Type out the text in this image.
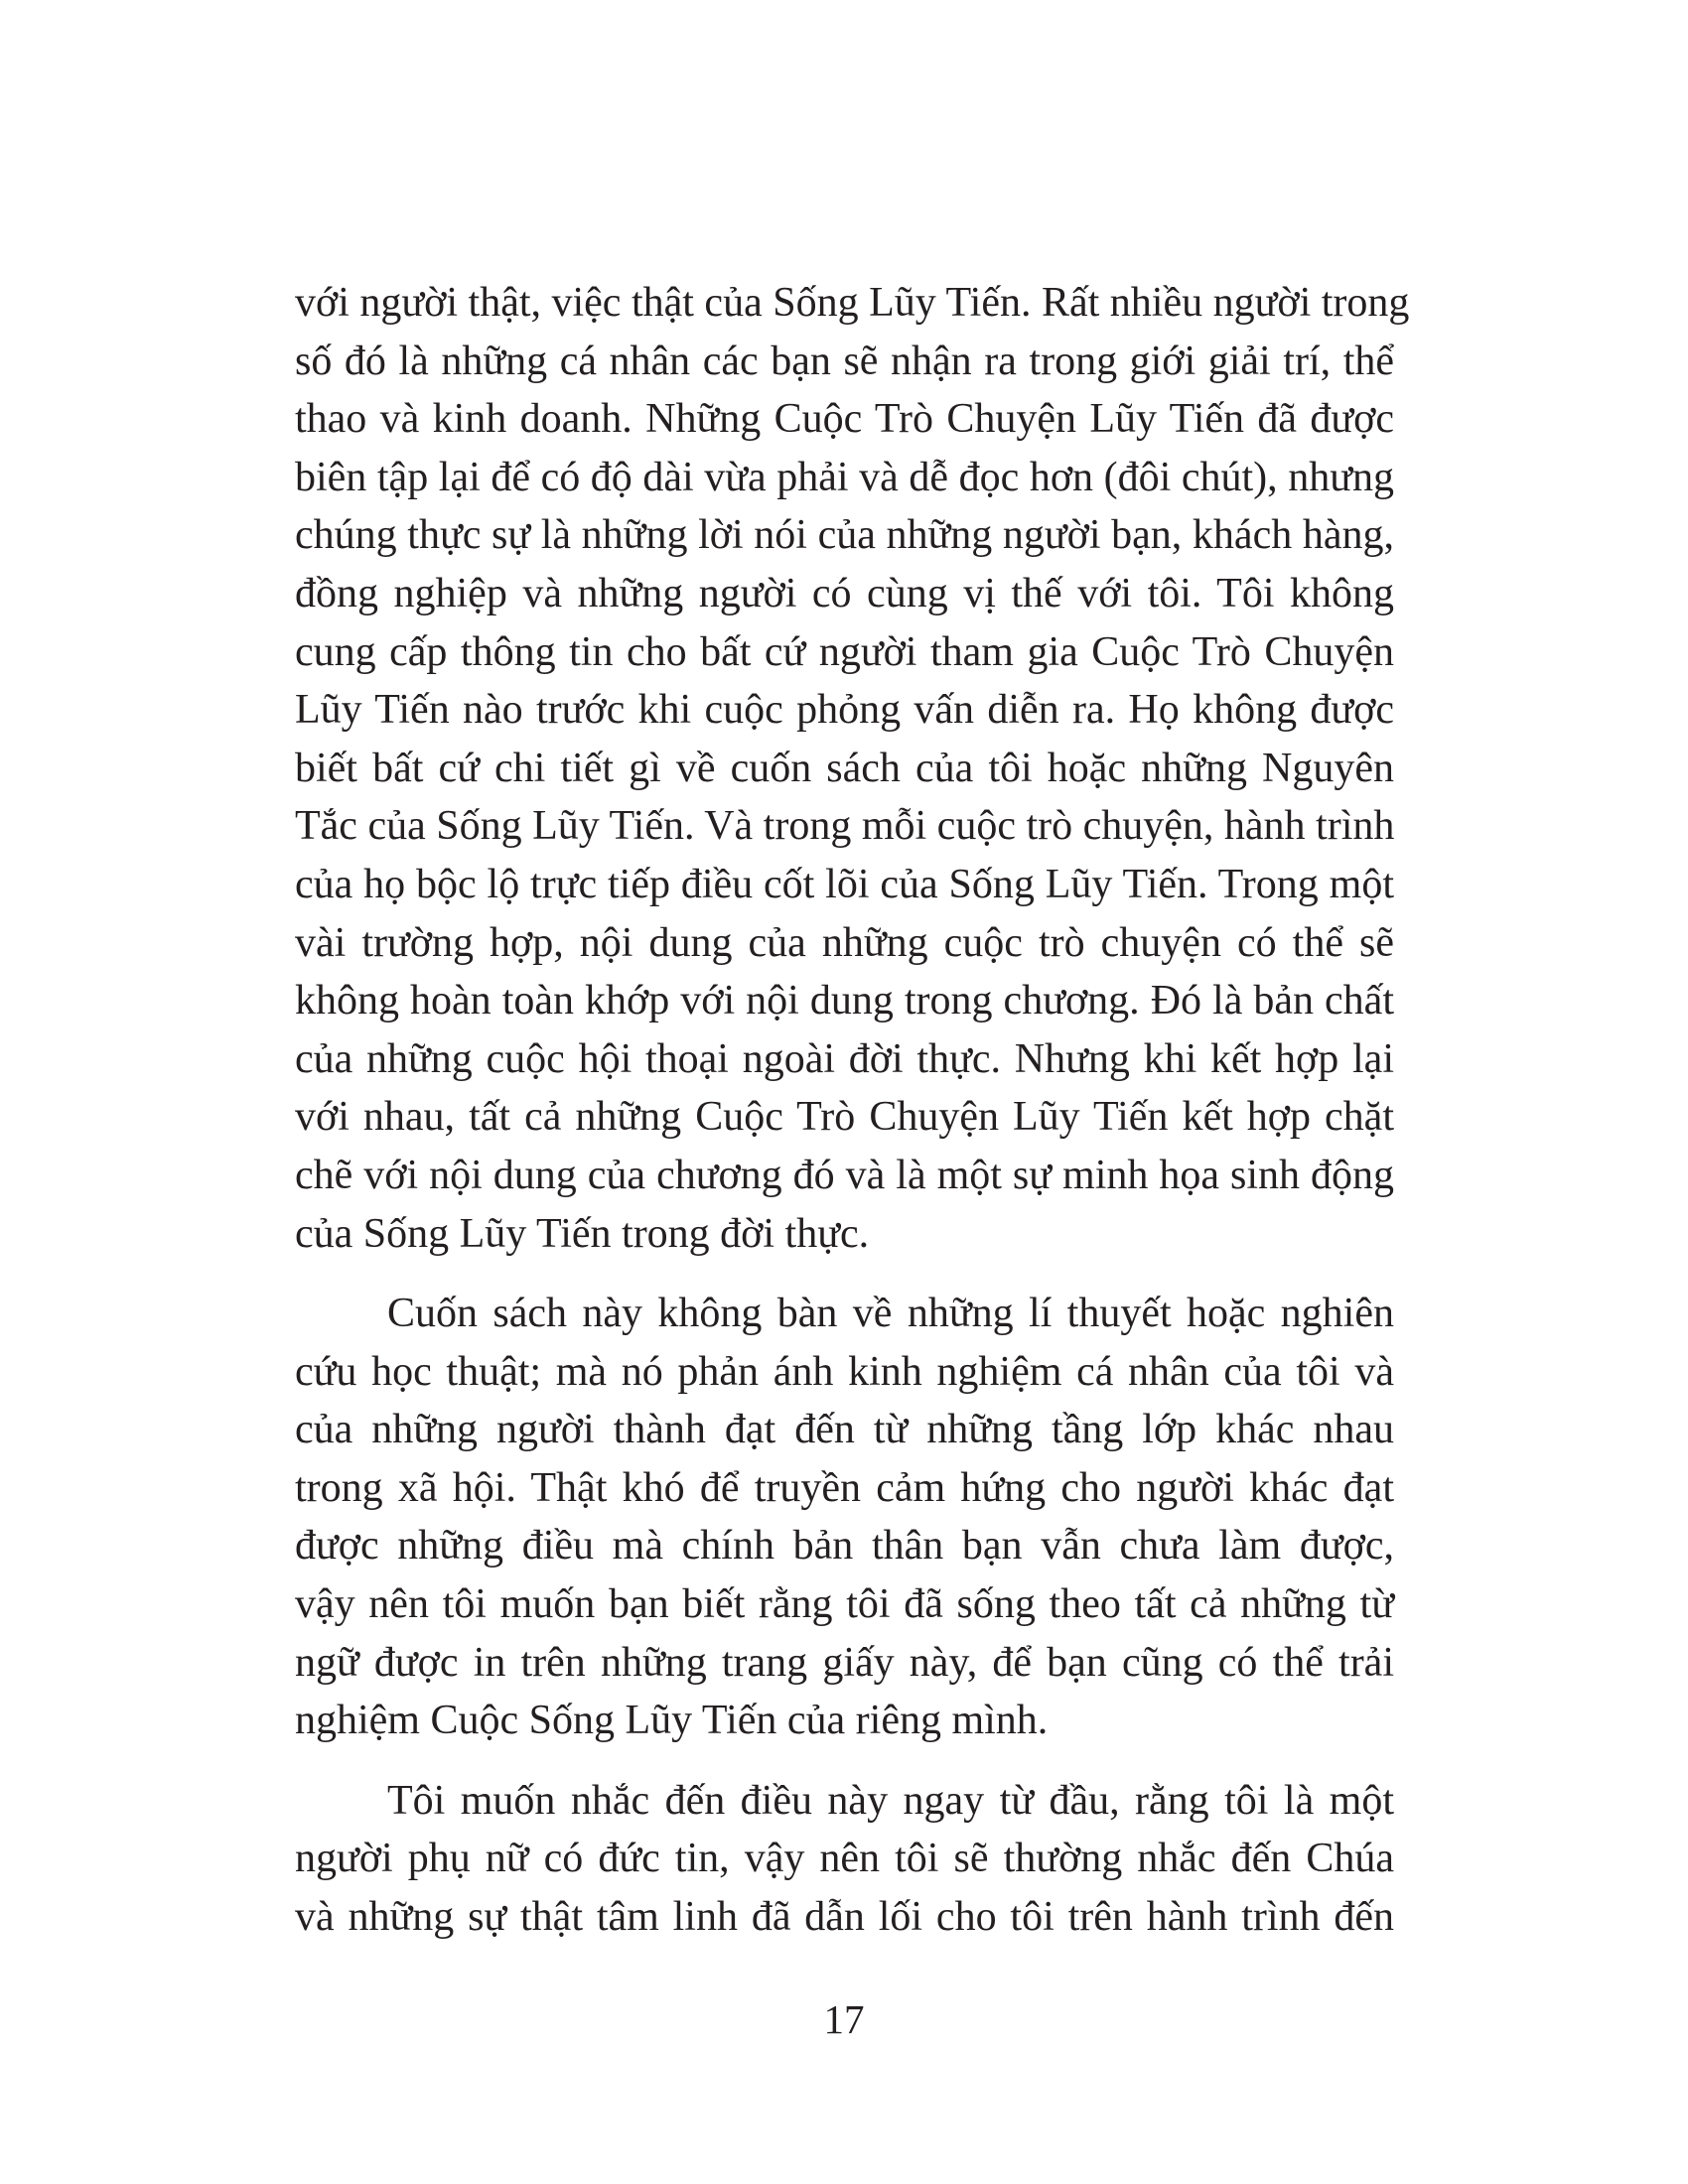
với người thật, việc thật của Sống Lũy Tiến. Rất nhiều người trong
số đó là những cá nhân các bạn sẽ nhận ra trong giới giải trí, thể
thao và kinh doanh. Những Cuộc Trò Chuyện Lũy Tiến đã được
biên tập lại để có độ dài vừa phải và dễ đọc hơn (đôi chút), nhưng
chúng thực sự là những lời nói của những người bạn, khách hàng,
đồng nghiệp và những người có cùng vị thế với tôi. Tôi không
cung cấp thông tin cho bất cứ người tham gia Cuộc Trò Chuyện
Lũy Tiến nào trước khi cuộc phỏng vấn diễn ra. Họ không được
biết bất cứ chi tiết gì về cuốn sách của tôi hoặc những Nguyên
Tắc của Sống Lũy Tiến. Và trong mỗi cuộc trò chuyện, hành trình
của họ bộc lộ trực tiếp điều cốt lõi của Sống Lũy Tiến. Trong một
vài trường hợp, nội dung của những cuộc trò chuyện có thể sẽ
không hoàn toàn khớp với nội dung trong chương. Đó là bản chất
của những cuộc hội thoại ngoài đời thực. Nhưng khi kết hợp lại
với nhau, tất cả những Cuộc Trò Chuyện Lũy Tiến kết hợp chặt
chẽ với nội dung của chương đó và là một sự minh họa sinh động
của Sống Lũy Tiến trong đời thực.

Cuốn sách này không bàn về những lí thuyết hoặc nghiên
cứu học thuật; mà nó phản ánh kinh nghiệm cá nhân của tôi và
của những người thành đạt đến từ những tầng lớp khác nhau
trong xã hội. Thật khó để truyền cảm hứng cho người khác đạt
được những điều mà chính bản thân bạn vẫn chưa làm được,
vậy nên tôi muốn bạn biết rằng tôi đã sống theo tất cả những từ
ngữ được in trên những trang giấy này, để bạn cũng có thể trải
nghiệm Cuộc Sống Lũy Tiến của riêng mình.

Tôi muốn nhắc đến điều này ngay từ đầu, rằng tôi là một
người phụ nữ có đức tin, vậy nên tôi sẽ thường nhắc đến Chúa
và những sự thật tâm linh đã dẫn lối cho tôi trên hành trình đến

17
